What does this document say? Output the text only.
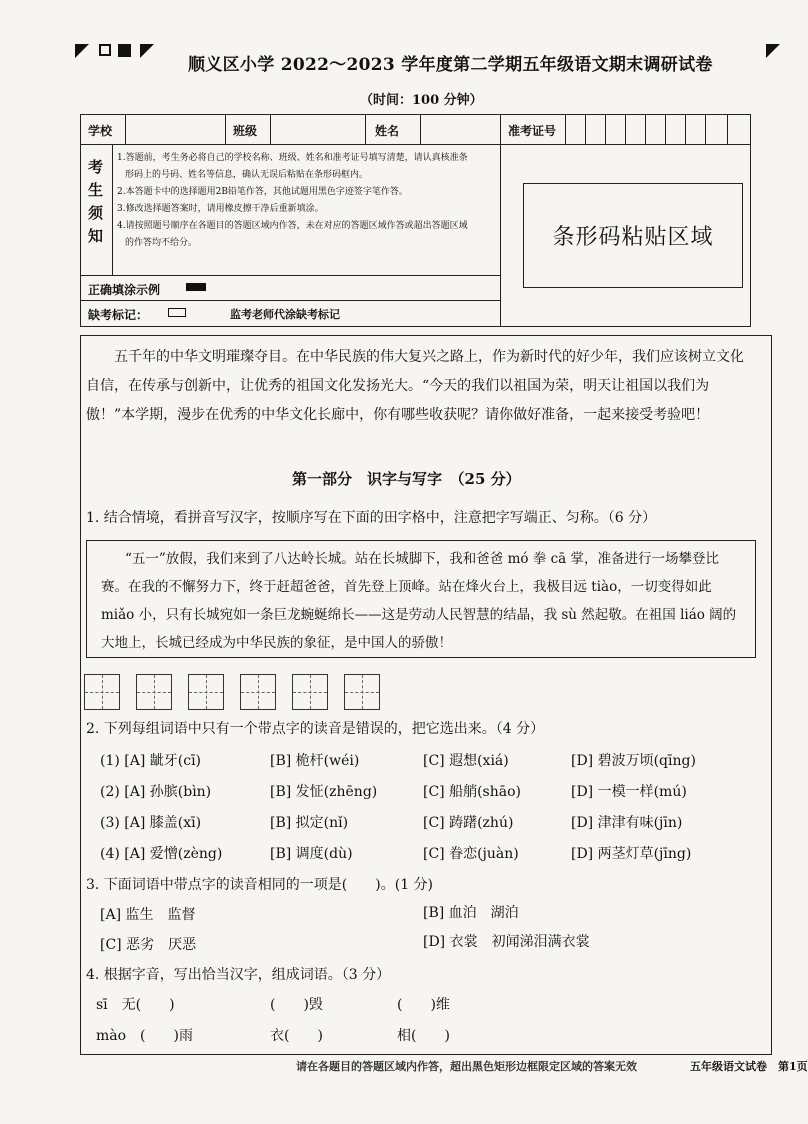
顺义区小学 2022～2023 学年度第二学期五年级语文期末调研试卷
（时间：100 分钟）
学校	班级	姓名	准考证号
考
生
须
知

1.答题前，考生务必将自己的学校名称、班级、姓名和准考证号填写清楚，请认真核准条

形码上的号码、姓名等信息，确认无误后粘贴在条形码框内。

2.本答题卡中的选择题用2B铅笔作答，其他试题用黑色字迹签字笔作答。

3.修改选择题答案时，请用橡皮擦干净后重新填涂。

4.请按照题号顺序在各题目的答题区域内作答，未在对应的答题区域作答或超出答题区域

的作答均不给分。

正确填涂示例
缺考标记：	监考老师代涂缺考标记
条形码粘贴区域
五千年的中华文明璀璨夺目。在中华民族的伟大复兴之路上，作为新时代的好少年，我们应该树立文化自信，在传承与创新中，让优秀的祖国文化发扬光大。“今天的我们以祖国为荣，明天让祖国以我们为傲！”本学期，漫步在优秀的中华文化长廊中，你有哪些收获呢？请你做好准备，一起来接受考验吧！
第一部分　识字与写字　（25 分）
1. 结合情境，看拼音写汉字，按顺序写在下面的田字格中，注意把字写端正、匀称。（6 分）
“五一”放假，我们来到了八达岭长城。站在长城脚下，我和爸爸 mó 拳 cā 掌，准备进行一场攀登比赛。在我的不懈努力下，终于赶超爸爸，首先登上顶峰。站在烽火台上，我极目远 tiào，一切变得如此 miǎo 小，只有长城宛如一条巨龙蜿蜒绵长——这是劳动人民智慧的结晶，我 sù 然起敬。在祖国 liáo 阔的大地上，长城已经成为中华民族的象征，是中国人的骄傲！
2. 下列每组词语中只有一个带点字的读音是错误的，把它选出来。（4 分）
(1) [A] 龇牙(cī)	[B] 桅杆(wéi)	[C] 遐想(xiá)	[D] 碧波万顷(qīng)
(2) [A] 孙膑(bìn)	[B] 发怔(zhēng)	[C] 船艄(shāo)	[D] 一模一样(mú)
(3) [A] 膝盖(xī)	[B] 拟定(nǐ)	[C] 踌躇(zhú)	[D] 津津有味(jīn)
(4) [A] 爱憎(zèng)	[B] 调度(dù)	[C] 眷恋(juàn)	[D] 两茎灯草(jīng)
3. 下面词语中带点字的读音相同的一项是(　　)。(1 分)
[A] 监生　监督	[B] 血泊　湖泊
[C] 恶劣　厌恶	[D] 衣裳　初闻涕泪满衣裳
4. 根据字音，写出恰当汉字，组成词语。（3 分）
sī　无(　　)	(　　)毁	(　　)维
mào　(　　)雨	衣(　　)	相(　　)
请在各题目的答题区域内作答，超出黑色矩形边框限定区域的答案无效	五年级语文试卷　第1页
